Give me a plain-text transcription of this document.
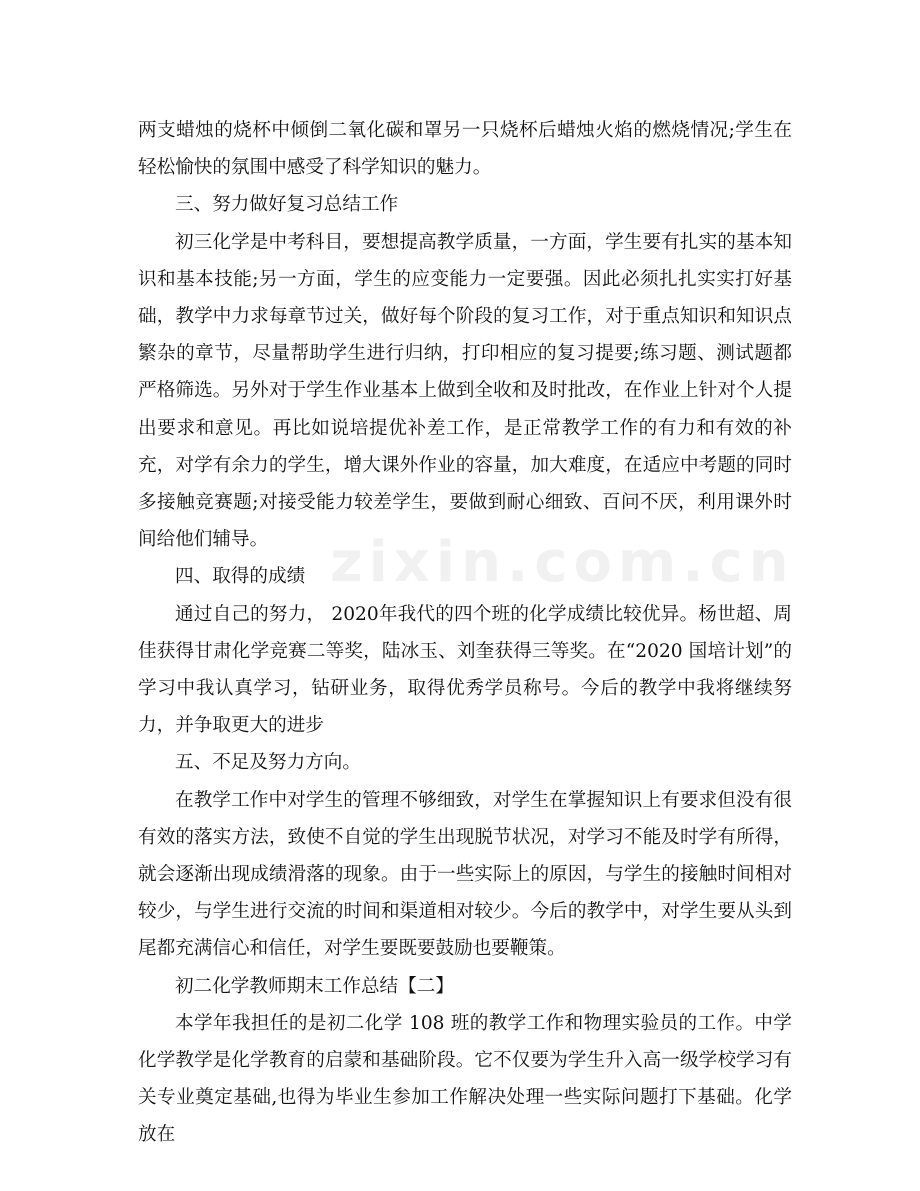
zixin.com.cn

两支蜡烛的烧杯中倾倒二氧化碳和罩另一只烧杯后蜡烛火焰的燃烧情况;学生在轻松愉快的氛围中感受了科学知识的魅力。

三、努力做好复习总结工作

初三化学是中考科目，要想提高教学质量，一方面，学生要有扎实的基本知识和基本技能;另一方面，学生的应变能力一定要强。因此必须扎扎实实打好基础，教学中力求每章节过关，做好每个阶段的复习工作，对于重点知识和知识点繁杂的章节，尽量帮助学生进行归纳，打印相应的复习提要;练习题、测试题都严格筛选。另外对于学生作业基本上做到全收和及时批改，在作业上针对个人提出要求和意见。再比如说培提优补差工作，是正常教学工作的有力和有效的补充，对学有余力的学生，增大课外作业的容量，加大难度，在适应中考题的同时多接触竞赛题;对接受能力较差学生，要做到耐心细致、百问不厌，利用课外时间给他们辅导。

四、取得的成绩

通过自己的努力， 2020年我代的四个班的化学成绩比较优异。杨世超、周佳获得甘肃化学竞赛二等奖，陆冰玉、刘奎获得三等奖。在“2020 国培计划”的学习中我认真学习，钻研业务，取得优秀学员称号。今后的教学中我将继续努力，并争取更大的进步

五、不足及努力方向。

在教学工作中对学生的管理不够细致，对学生在掌握知识上有要求但没有很有效的落实方法，致使不自觉的学生出现脱节状况，对学习不能及时学有所得，就会逐渐出现成绩滑落的现象。由于一些实际上的原因，与学生的接触时间相对较少，与学生进行交流的时间和渠道相对较少。今后的教学中，对学生要从头到尾都充满信心和信任，对学生要既要鼓励也要鞭策。

初二化学教师期末工作总结【二】

本学年我担任的是初二化学 108 班的教学工作和物理实验员的工作。中学化学教学是化学教育的启蒙和基础阶段。它不仅要为学生升入高一级学校学习有关专业奠定基础,也得为毕业生参加工作解决处理一些实际问题打下基础。化学放在
